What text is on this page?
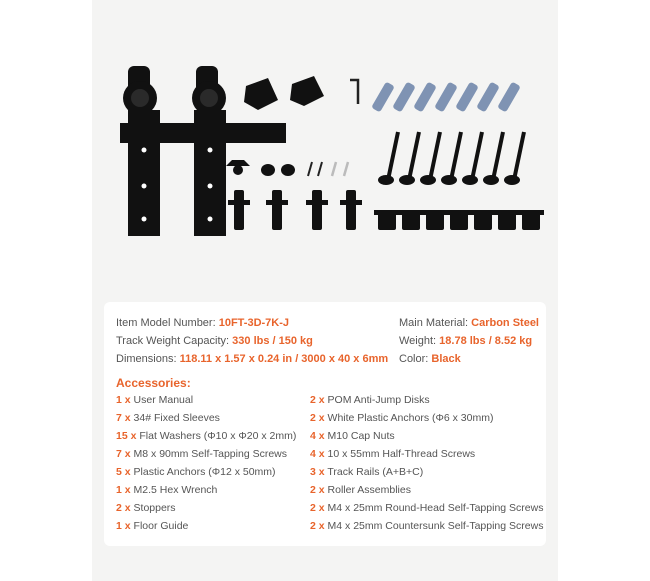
Item Model Number: 10FT-3D-7K-J
Track Weight Capacity: 330 lbs / 150 kg
Dimensions: 118.11 x 1.57 x 0.24 in / 3000 x 40 x 6mm
Main Material: Carbon Steel
Weight: 18.78 lbs / 8.52 kg
Color: Black
Accessories:
1 x User Manual
7 x 34# Fixed Sleeves
15 x Flat Washers (Φ10 x Φ20 x 2mm)
7 x M8 x 90mm Self-Tapping Screws
5 x Plastic Anchors (Φ12 x 50mm)
1 x M2.5 Hex Wrench
2 x Stoppers
1 x Floor Guide
2 x POM Anti-Jump Disks
2 x White Plastic Anchors (Φ6 x 30mm)
4 x M10 Cap Nuts
4 x 10 x 55mm Half-Thread Screws
3 x Track Rails (A+B+C)
2 x Roller Assemblies
2 x M4 x 25mm Round-Head Self-Tapping Screws
2 x M4 x 25mm Countersunk Self-Tapping Screws
